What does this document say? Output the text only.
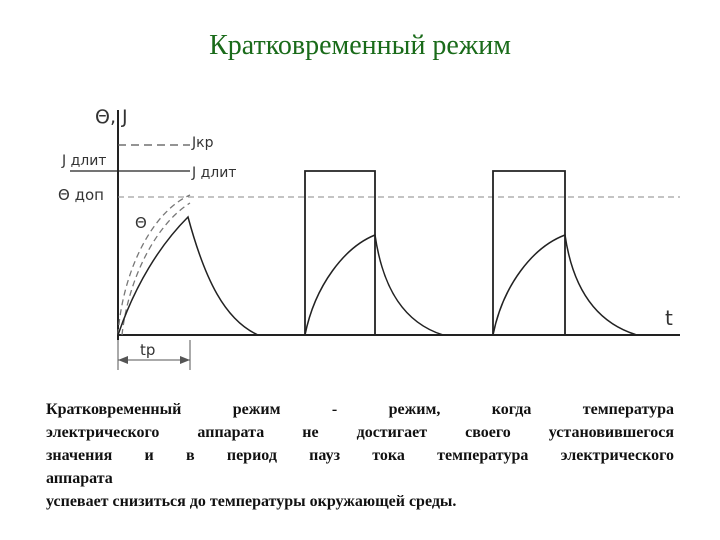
Кратковременный режим
Θ, J
t
Jкр
J длит
J длит
Θ доп
Θ
tр

Кратковременный режим - режим, когда температура

электрического аппарата не достигает своего установившегося

значения и в период пауз тока температура электрического

аппарата

успевает снизиться до температуры окружающей среды.
